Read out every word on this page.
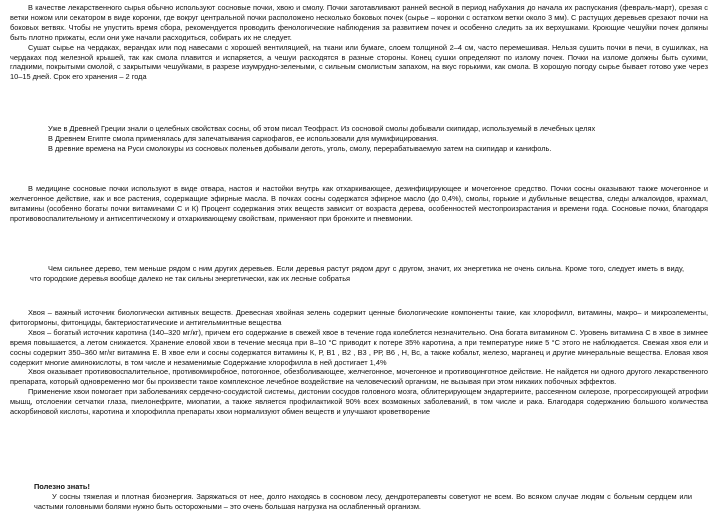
В качестве лекарственного сырья обычно используют сосновые почки, хвою и смолу. Почки заготавливают ранней весной в период набухания до начала их распускания (февраль-март), срезая с ветки ножом или секатором в виде коронки, где вокруг центральной почки расположено несколько боковых почек (сырье – коронки с остатком ветки около 3 мм). С растущих деревьев срезают почки на боковых ветвях. Чтобы не упустить время сбора, рекомендуется проводить фенологические наблюдения за развитием почек и особенно следить за их верхушками. Кроющие чешуйки почек должны быть плотно прижаты, если они уже начали расходиться, собирать их не следует.

Сушат сырье на чердаках, верандах или под навесами с хорошей вентиляцией, на ткани или бумаге, слоем толщиной 2–4 см, часто перемешивая. Нельзя сушить почки в печи, в сушилках, на чердаках под железной крышей, так как смола плавится и испаряется, а чешуи расходятся в разные стороны. Конец сушки определяют по излому почек. Почки на изломе должны быть сухими, гладкими, покрытыми смолой, с закрытыми чешуйками, в разрезе изумрудно-зелеными, с сильным смолистым запахом, на вкус горькими, как смола. В хорошую погоду сырье бывает готово уже через 10–15 дней. Срок его хранения – 2 года

Уже в Древней Греции знали о целебных свойствах сосны, об этом писал Теофраст. Из сосновой смолы добывали скипидар, используемый в лечебных целях

В Древнем Египте смола применялась для запечатывания саркофагов, ее использовали для мумифицирования.

В древние времена на Руси смолокуры из сосновых поленьев добывали деготь, уголь, смолу, перерабатываемую затем на скипидар и канифоль.

В медицине сосновые почки используют в виде отвара, настоя и настойки внутрь как отхаркивающее, дезинфицирующее и мочегонное средство. Почки сосны оказывают также мочегонное и желчегонное действие, как и все растения, содержащие эфирные масла. В почках сосны содержатся эфирное масло (до 0,4%), смолы, горькие и дубильные вещества, следы алкалоидов, крахмал, витамины (особенно богаты почки витаминами С и К) Процент содержания этих веществ зависит от возраста дерева, особенностей местопроизрастания и времени года. Сосновые почки, благодаря противовоспалительному и антисептическому и отхаркивающему свойствам, применяют при бронхите и пневмонии.

Чем сильнее дерево, тем меньше рядом с ним других деревьев. Если деревья растут рядом друг с другом, значит, их энергетика не очень сильна. Кроме того, следует иметь в виду, что городские деревья вообще далеко не так сильны энергетически, как их лесные собратья

Хвоя – важный источник биологически активных веществ. Древесная хвойная зелень содержит ценные биологические компоненты такие, как хлорофилл, витамины, макро– и микроэлементы, фитогормоны, фитонциды, бактериостатические и антигельминтные вещества

Хвоя – богатый источник каротина (140–320 мг/кг), причем его содержание в свежей хвое в течение года колеблется незначительно. Она богата витамином С. Уровень витамина С в хвое в зимнее время повышается, а летом снижается. Хранение еловой хвои в течение месяца при 8–10 °С приводит к потере 35% каротина, а при температуре ниже 5 °С этого не наблюдается. Свежая хвоя ели и сосны содержит 350–360 мг/кг витамина Е. В хвое ели и сосны содержатся витамины К, Р, В1 , В2 , В3 , РР, В6 , Н, Вс, а также кобальт, железо, марганец и другие минеральные вещества. Еловая хвоя содержит многие аминокислоты, в том числе и незаменимые Содержание хлорофилла в ней достигает 1,4%

Хвоя оказывает противовоспалительное, противомикробное, потогонное, обезболивающее, желчегонное, мочегонное и противоцинготное действие. Не найдется ни одного другого лекарственного препарата, который одновременно мог бы произвести такое комплексное лечебное воздействие на человеческий организм, не вызывая при этом никаких побочных эффектов.

Применение хвои помогает при заболеваниях сердечно-сосудистой системы, дистонии сосудов головного мозга, облитерирующем эндартериите, рассеянном склерозе, прогрессирующей атрофии мышц, отслоении сетчатки глаза, пиелонефрите, миопатии, а также является профилактикой 90% всех возможных заболеваний, в том числе и рака. Благодаря содержанию большого количества аскорбиновой кислоты, каротина и хлорофилла препараты хвои нормализуют обмен веществ и улучшают кроветворение

Полезно знать!

У сосны тяжелая и плотная биоэнергия. Заряжаться от нее, долго находясь в сосновом лесу, дендротерапевты советуют не всем. Во всяком случае людям с больным сердцем или частыми головными болями нужно быть осторожными – это очень большая нагрузка на ослабленный организм.
